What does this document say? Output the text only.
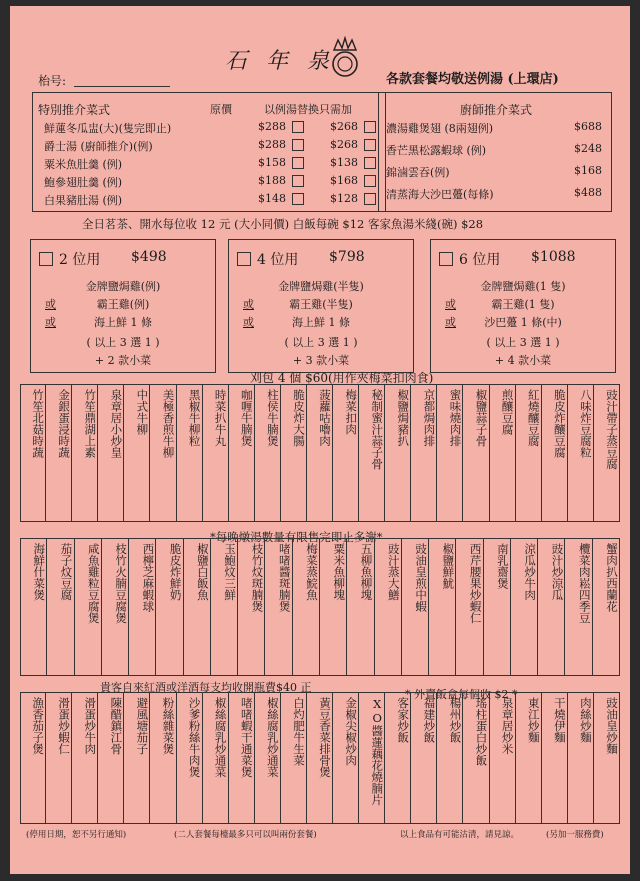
石 年 泉
枱号:	各款套餐均敬送例湯 (上環店)
特別推介菜式	原價	以例湯替換只需加
鮮蓮冬瓜盅(大)(隻完即止)	$288	$268
爵士湯 (廚師推介)(例)	$288	$268
粟米魚肚羹 (例)	$158	$138
鮑參翅肚羹 (例)	$188	$168
白果豬肚湯 (例)	$148	$128
廚師推介菜式
濃湯雞煲翅 (8兩翅例)	$688
香芒黑松露蝦球 (例)	$248
錦滷雲吞(例)	$168
清蒸海大沙巴躉(每條)	$488
全日茗茶、開水每位收 12 元 (大小同價) 白飯每碗 $12 客家魚湯米綫(碗) $28
2 位用 $498
金牌鹽焗雞(例)
或	霸王雞(例)
或	海上鮮 1 條
( 以上 3 選 1 )
+ 2 款小菜
4 位用 $798
金牌鹽焗雞(半隻)
或	霸王雞(半隻)
或	海上鮮 1 條
( 以上 3 選 1 )
+ 3 款小菜
6 位用 $1088
金牌鹽焗雞(1 隻)
或	霸王雞(1 隻)
或	沙巴躉 1 條(中)
( 以上 3 選 1 )
+ 4 款小菜
刈包 4 個 $60(用作夾梅菜扣肉食)
竹笙北菇時蔬	金銀蛋浸時蔬	竹笙鼎湖上素	泉章居小炒皇	中式牛柳	美極香煎牛柳	黑椒牛柳粒	時菜扒牛丸	咖喱牛腩煲	柱侯牛腩煲	脆皮炸大腸	菠蘿咕嚕肉	梅菜扣肉	秘制蜜汁蒜子骨	椒鹽焗豬扒	京都焗肉排	蜜味燒肉排	椒鹽蒜子骨	煎釀豆腐	紅燒釀豆腐	脆皮炸釀豆腐	八味炸豆腐粒	豉汁帶子蒸豆腐
*每晚燉湯數量有限售完即止多謝*
海鮮什菜煲	茄子炆豆腐	咸魚雞粒豆腐煲	枝竹火腩豆腐煲	西檸芝麻蝦球	脆皮炸鮮奶	椒鹽白飯魚	玉鮑炆三鮮	枝竹炆斑腩煲	啫啫醬斑腩煲	梅菜蒸鯇魚	粟米魚柳塊	五柳魚柳塊	豉汁蒸大鱔	豉油皇煎中蝦	椒鹽鮮魷	西芹腰果炒蝦仁	南乳齋煲	涼瓜炒牛肉	豉汁炒涼瓜	欖菜肉崧四季豆	蟹肉扒西蘭花
貴客自來紅酒或洋酒每支均收開瓶費$40 正
* 外賣飯盒每個收 $2 *
漁香茄子煲	滑蛋炒蝦仁	滑蛋炒牛肉	陳醋鎮江骨	避風塘茄子	粉絲雜菜煲	沙爹粉絲牛肉煲	椒絲腐乳炒通菜	啫啫蝦干通菜煲	椒絲腐乳炒通菜	白灼肥牛生菜	黃豆香菜排骨煲	金椒尖椒炒肉	XO醬蓮藕花燒腩片	客家炒飯	福建炒飯	楊州炒飯	瑤柱蛋白炒飯	泉章居炒米	東江炒麵	干燒伊麵	肉絲炒麵	豉油皇炒麵
(停用日期，恕不另行通知)	(二人套餐每檯最多只可以叫兩份套餐)	以上食品有可能沽清，請見諒。	(另加一服務費)
